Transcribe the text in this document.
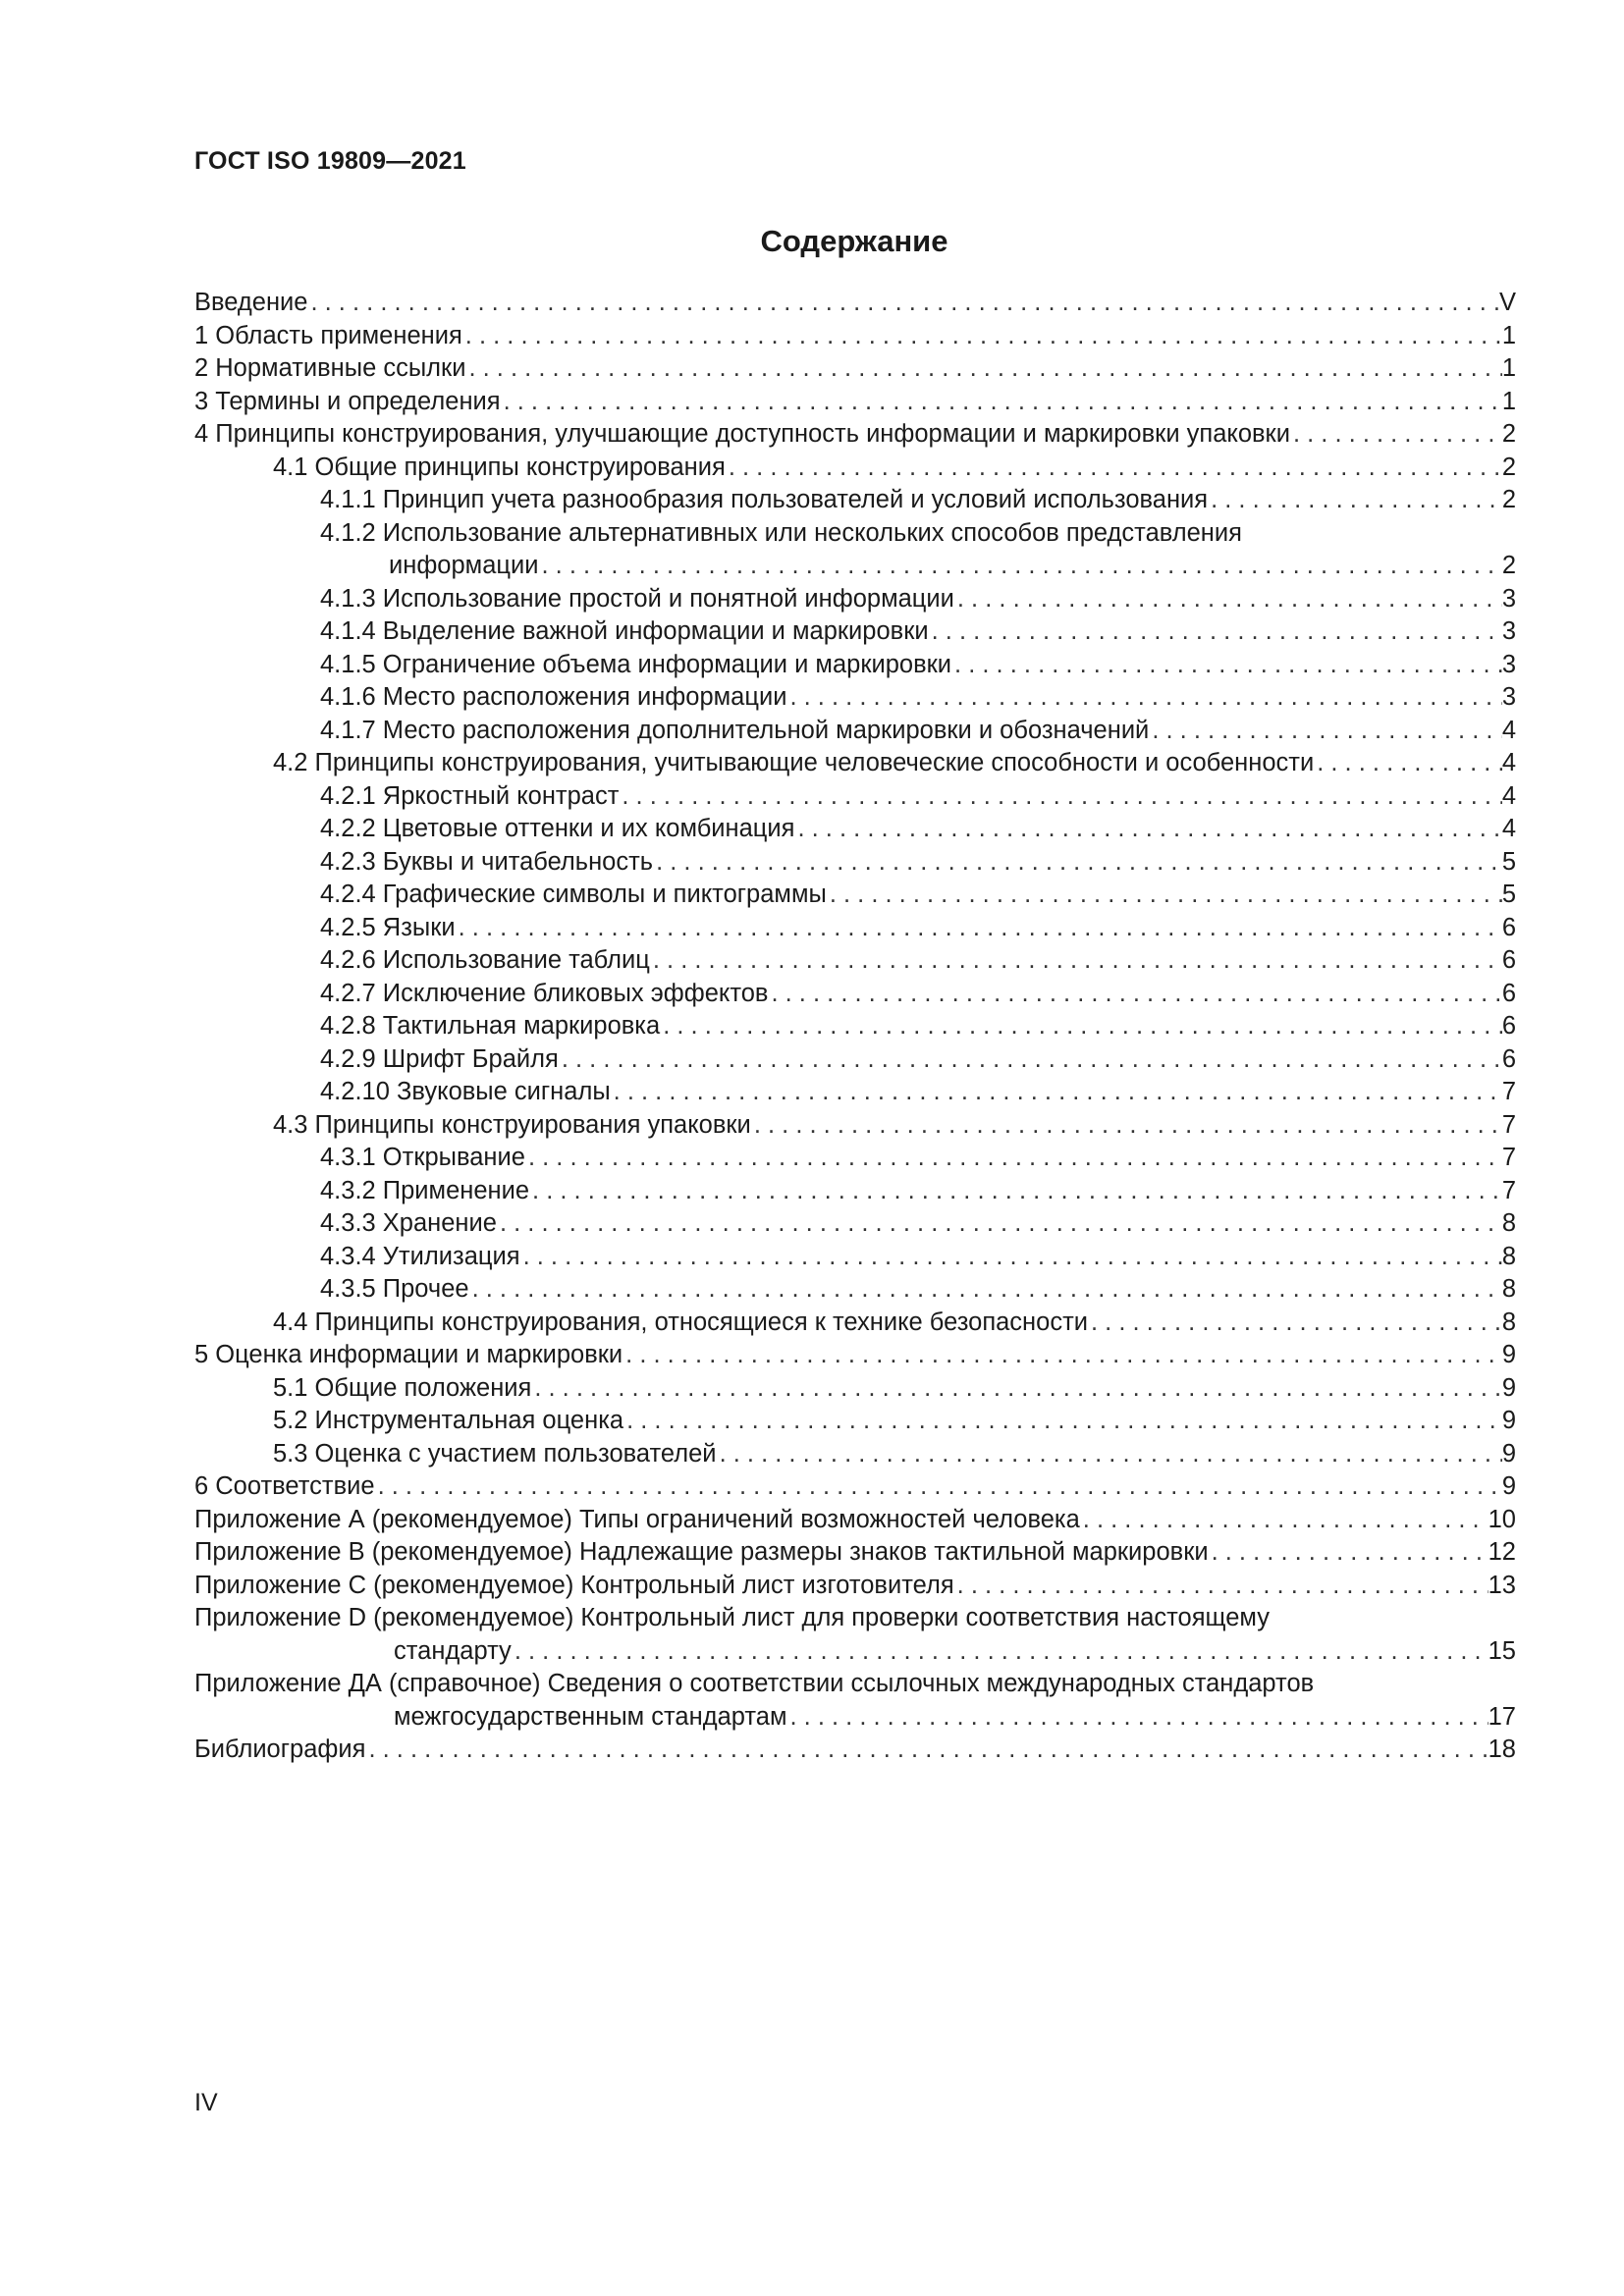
ГОСТ ISO 19809—2021
Содержание
Введение . . .	V
1 Область применения . . .	1
2 Нормативные ссылки . . .	1
3 Термины и определения . . .	1
4 Принципы конструирования, улучшающие доступность информации и маркировки упаковки . . .	2
4.1 Общие принципы конструирования . . .	2
4.1.1 Принцип учета разнообразия пользователей и условий использования . . .	2
4.1.2 Использование альтернативных или нескольких способов представления
информации . . .	2
4.1.3 Использование простой и понятной информации . . .	3
4.1.4 Выделение важной информации и маркировки . . .	3
4.1.5 Ограничение объема информации и маркировки . . .	3
4.1.6 Место расположения информации . . .	3
4.1.7 Место расположения дополнительной маркировки и обозначений . . .	4
4.2 Принципы конструирования, учитывающие человеческие способности и особенности . . .	4
4.2.1 Яркостный контраст . . .	4
4.2.2 Цветовые оттенки и их комбинация . . .	4
4.2.3 Буквы и читабельность . . .	5
4.2.4 Графические символы и пиктограммы . . .	5
4.2.5 Языки . . .	6
4.2.6 Использование таблиц . . .	6
4.2.7 Исключение бликовых эффектов . . .	6
4.2.8 Тактильная маркировка . . .	6
4.2.9 Шрифт Брайля . . .	6
4.2.10 Звуковые сигналы . . .	7
4.3 Принципы конструирования упаковки . . .	7
4.3.1 Открывание . . .	7
4.3.2 Применение . . .	7
4.3.3 Хранение . . .	8
4.3.4 Утилизация . . .	8
4.3.5 Прочее . . .	8
4.4 Принципы конструирования, относящиеся к технике безопасности . . .	8
5 Оценка информации и маркировки . . .	9
5.1 Общие положения . . .	9
5.2 Инструментальная оценка . . .	9
5.3 Оценка с участием пользователей . . .	9
6 Соответствие . . .	9
Приложение А (рекомендуемое) Типы ограничений возможностей человека . . .	10
Приложение В (рекомендуемое) Надлежащие размеры знаков тактильной маркировки . . .	12
Приложение С (рекомендуемое) Контрольный лист изготовителя . . .	13
Приложение D (рекомендуемое) Контрольный лист для проверки соответствия настоящему
стандарту . . .	15
Приложение ДА (справочное) Сведения о соответствии ссылочных международных стандартов
межгосударственным стандартам . . .	17
Библиография . . .	18
IV
